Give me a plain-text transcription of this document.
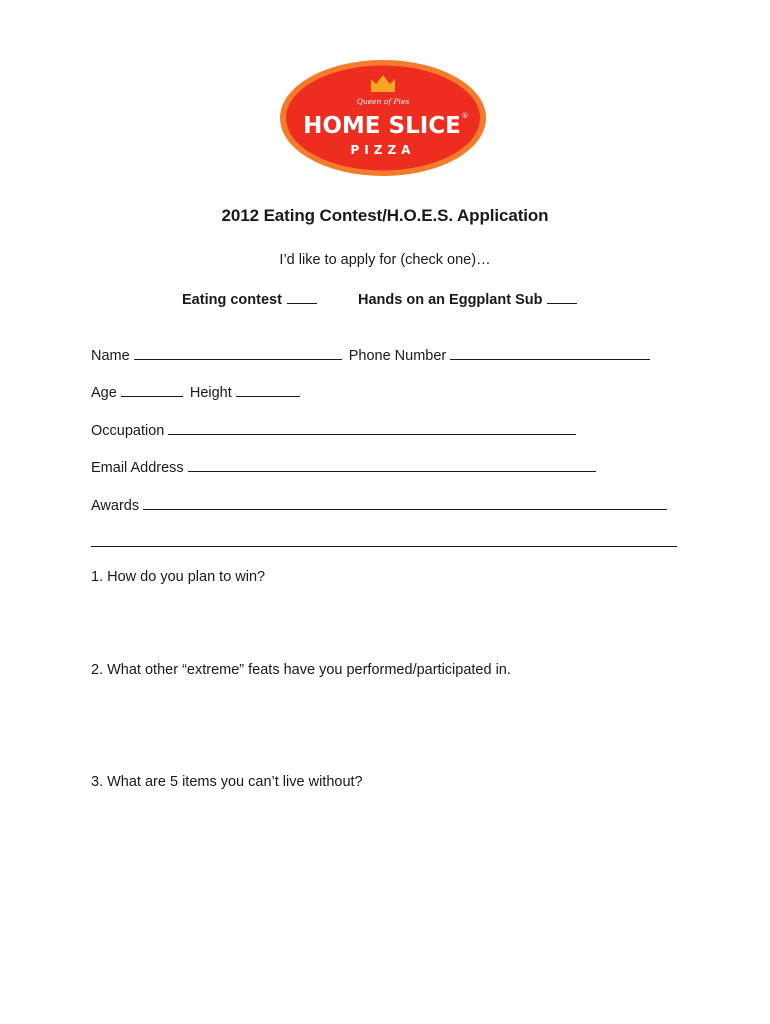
Queen of Pies
HOME SLICE ®
PIZZA
2012 Eating Contest/H.O.E.S. Application
I’d like to apply for (check one)…
Eating contest	Hands on an Eggplant Sub
Name	Phone Number
Age	Height
Occupation
Email Address
Awards
1. How do you plan to win?
2. What other “extreme” feats have you performed/participated in.
3. What are 5 items you can’t live without?
